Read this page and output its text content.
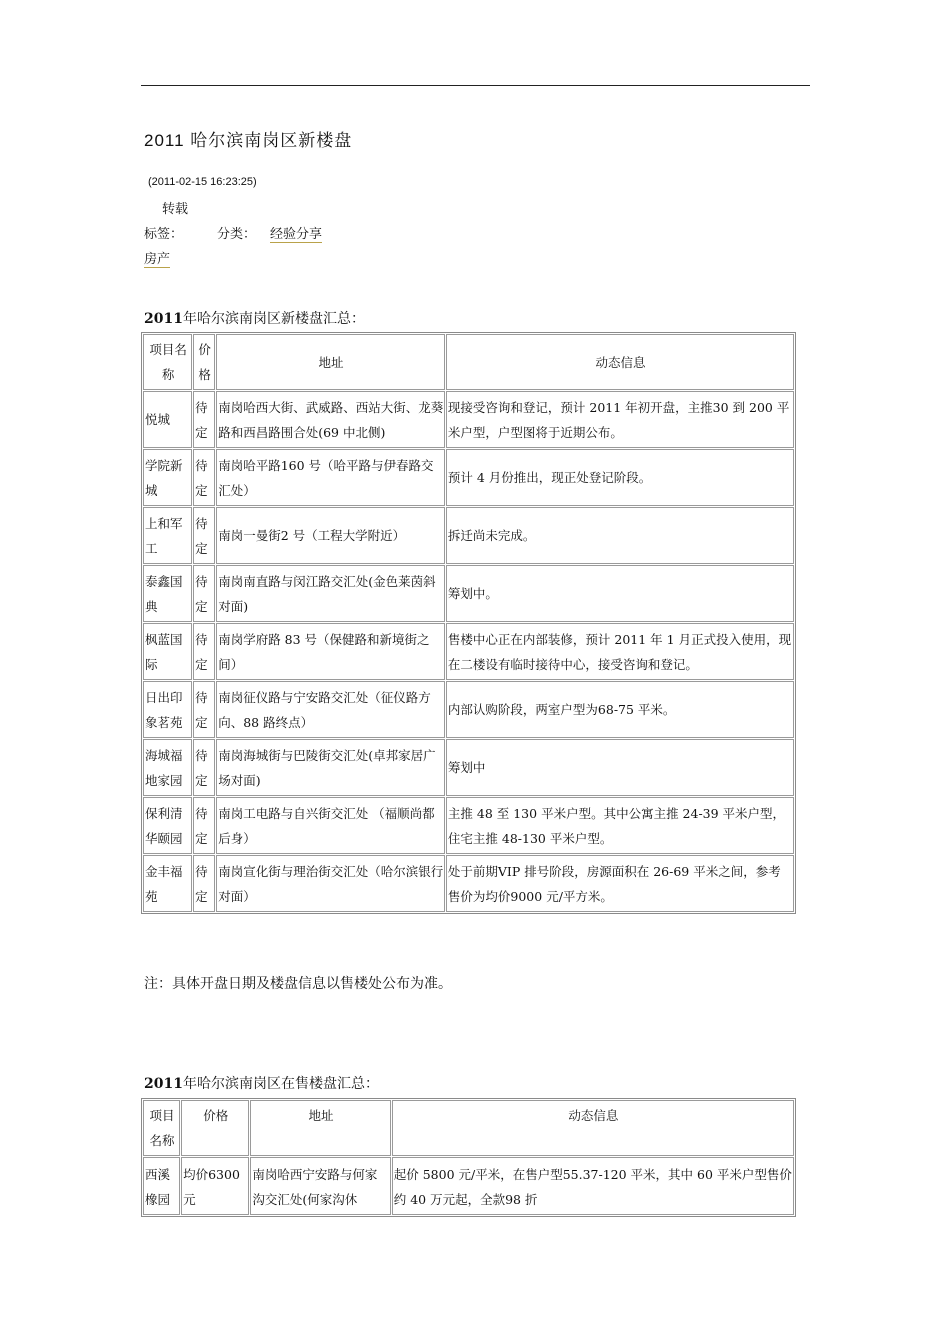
2011 哈尔滨南岗区新楼盘
(2011-02-15 16:23:25)
转载
标签：	分类： 经验分享
房产
2011年哈尔滨南岗区新楼盘汇总：
项目名称	价格	地址	动态信息
悦城	待定	南岗哈西大街、武威路、西站大街、龙葵路和西昌路围合处(69 中北侧)	现接受咨询和登记，预计 2011 年初开盘，主推30 到 200 平米户型，户型图将于近期公布。
学院新城	待定	南岗哈平路160 号（哈平路与伊春路交汇处）	预计 4 月份推出，现正处登记阶段。
上和军工	待定	南岗一曼街2 号（工程大学附近）	拆迁尚未完成。
泰鑫国典	待定	南岗南直路与闵江路交汇处(金色莱茵斜对面)	筹划中。
枫蓝国际	待定	南岗学府路 83 号（保健路和新境街之间）	售楼中心正在内部装修，预计 2011 年 1 月正式投入使用，现在二楼设有临时接待中心，接受咨询和登记。
日出印象茗苑	待定	南岗征仪路与宁安路交汇处（征仪路方向、88 路终点）	内部认购阶段，两室户型为68-75 平米。
海城福地家园	待定	南岗海城街与巴陵街交汇处(卓邦家居广场对面)	筹划中
保利清华颐园	待定	南岗工电路与自兴街交汇处 （福顺尚都后身）	主推 48 至 130 平米户型。其中公寓主推 24-39 平米户型，住宅主推 48-130 平米户型。
金丰福苑	待定	南岗宣化街与理治街交汇处（哈尔滨银行对面）	处于前期VIP 排号阶段，房源面积在 26-69 平米之间，参考售价为均价9000 元/平方米。
注：具体开盘日期及楼盘信息以售楼处公布为准。
2011年哈尔滨南岗区在售楼盘汇总：
项目名称	价格	地址	动态信息
西溪橡园	均价6300 元	南岗哈西宁安路与何家沟交汇处(何家沟休	起价 5800 元/平米，在售户型55.37-120 平米，其中 60 平米户型售价约 40 万元起，全款98 折
